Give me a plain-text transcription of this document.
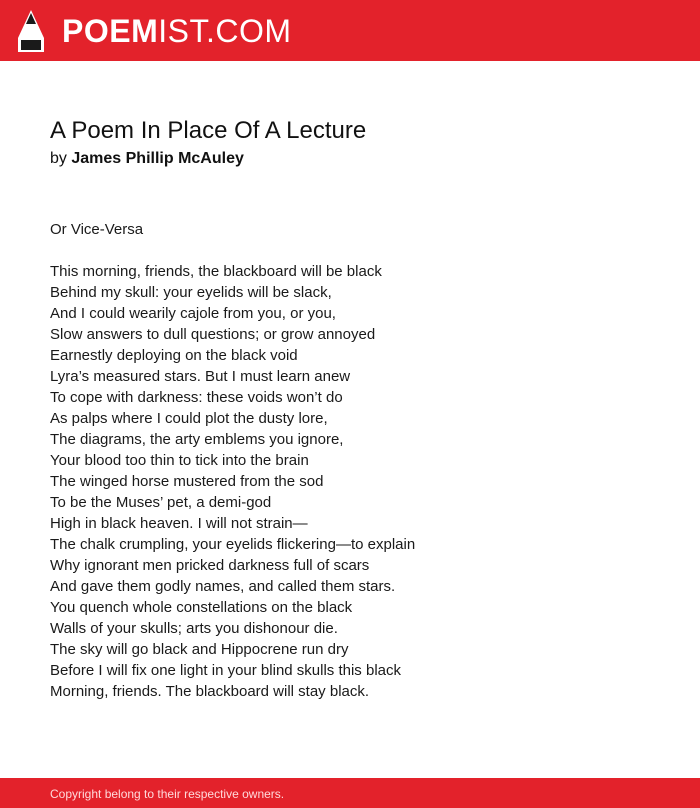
POEMIST.COM
A Poem In Place Of A Lecture
by James Phillip McAuley
Or Vice-Versa
This morning, friends, the blackboard will be black
Behind my skull: your eyelids will be slack,
And I could wearily cajole from you, or you,
Slow answers to dull questions; or grow annoyed
Earnestly deploying on the black void
Lyra’s measured stars. But I must learn anew
To cope with darkness: these voids won’t do
As palps where I could plot the dusty lore,
The diagrams, the arty emblems you ignore,
Your blood too thin to tick into the brain
The winged horse mustered from the sod
To be the Muses’ pet, a demi-god
High in black heaven. I will not strain—
The chalk crumpling, your eyelids flickering—to explain
Why ignorant men pricked darkness full of scars
And gave them godly names, and called them stars.
You quench whole constellations on the black
Walls of your skulls; arts you dishonour die.
The sky will go black and Hippocrene run dry
Before I will fix one light in your blind skulls this black
Morning, friends. The blackboard will stay black.
Copyright belong to their respective owners.
